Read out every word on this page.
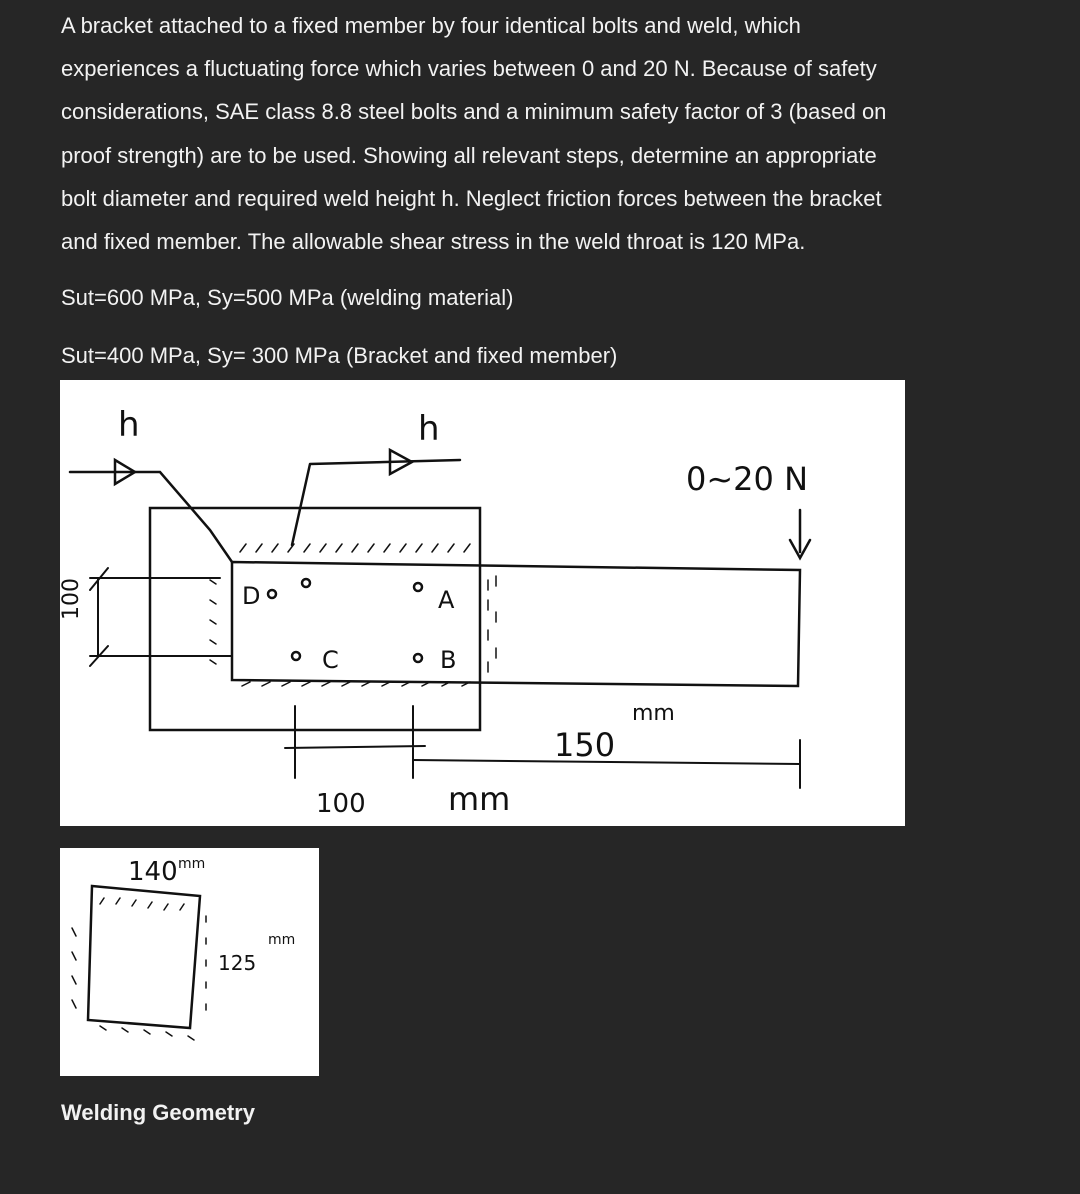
A bracket attached to a fixed member by four identical bolts and weld, which
experiences a fluctuating force which varies between 0 and 20 N. Because of safety
considerations, SAE class 8.8 steel bolts and a minimum safety factor of 3 (based on
proof strength) are to be used. Showing all relevant steps, determine an appropriate
bolt diameter and required weld height h. Neglect friction forces between the bracket
and fixed member. The allowable shear stress in the weld throat is 120 MPa.

Sut=600 MPa, Sy=500 MPa (welding material)

Sut=400 MPa, Sy= 300 MPa (Bracket and fixed member)

h	h
0~20 N
100	D	A
B
C
100	mm
150
mm
140 mm
125
mm

Welding Geometry
